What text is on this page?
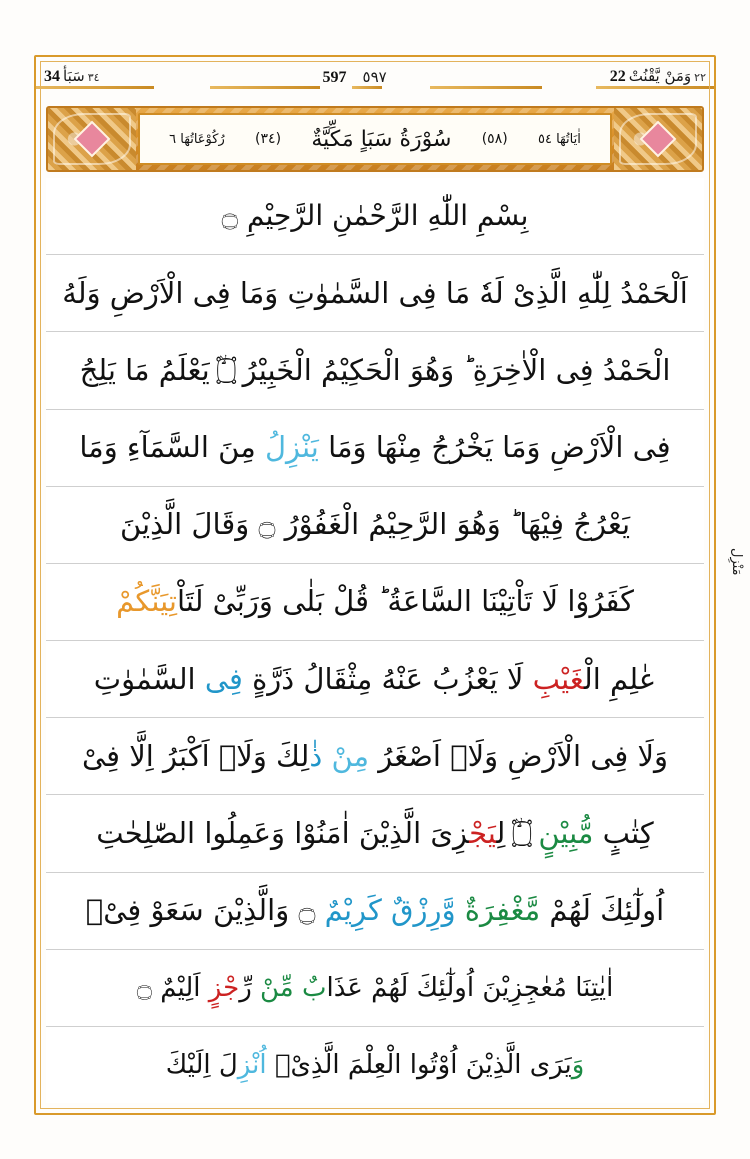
٢٢
وَمَنْ يَّقْنُتْ
22
٥٩٧
597
٣٤
سَبَأ
34
اٰیَاتُهَا ٥٤
(٥٨)
سُوْرَةُ سَبَاٍ مَكِّیَّةٌ
(٣٤)
رُكُوْعَاتُهَا ٦
بِسْمِ اللّٰهِ الرَّحْمٰنِ الرَّحِیْمِ ۝
اَلْحَمْدُ لِلّٰهِ الَّذِیْ لَهٗ مَا فِی السَّمٰوٰتِ وَمَا فِی الْاَرْضِ وَلَهُ
الْحَمْدُ فِی الْاٰخِرَةِ ؕ وَهُوَ الْحَكِیْمُ الْخَبِیْرُ ۝ۙ یَعْلَمُ مَا یَلِجُ
فِی الْاَرْضِ وَمَا یَخْرُجُ مِنْهَا وَمَا یَنْزِلُ مِنَ السَّمَآءِ وَمَا
یَعْرُجُ فِیْهَا ؕ وَهُوَ الرَّحِیْمُ الْغَفُوْرُ ۝ وَقَالَ الَّذِیْنَ
كَفَرُوْا لَا تَاْتِیْنَا السَّاعَةُ ؕ قُلْ بَلٰی وَرَبِّیْ لَتَاْتِیَنَّكُمْ
عٰلِمِ الْغَیْبِ لَا یَعْزُبُ عَنْهُ مِثْقَالُ ذَرَّةٍ فِی السَّمٰوٰتِ
وَلَا فِی الْاَرْضِ وَلَاۤ اَصْغَرُ مِنْ ذٰلِكَ وَلَاۤ اَكْبَرُ اِلَّا فِیْ
كِتٰبٍ مُّبِیْنٍ ۝ۙ لِیَجْزِیَ الَّذِیْنَ اٰمَنُوْا وَعَمِلُوا الصّٰلِحٰتِ
اُولٰٓئِكَ لَهُمْ مَّغْفِرَةٌ وَّرِزْقٌ كَرِیْمٌ ۝ وَالَّذِیْنَ سَعَوْ فِیْۤ
اٰیٰتِنَا مُعٰجِزِیْنَ اُولٰٓئِكَ لَهُمْ عَذَابٌ مِّنْ رِّجْزٍ اَلِیْمٌ ۝
وَیَرَی الَّذِیْنَ اُوْتُوا الْعِلْمَ الَّذِیْۤ اُنْزِلَ اِلَیْكَ
مَنْزِل
